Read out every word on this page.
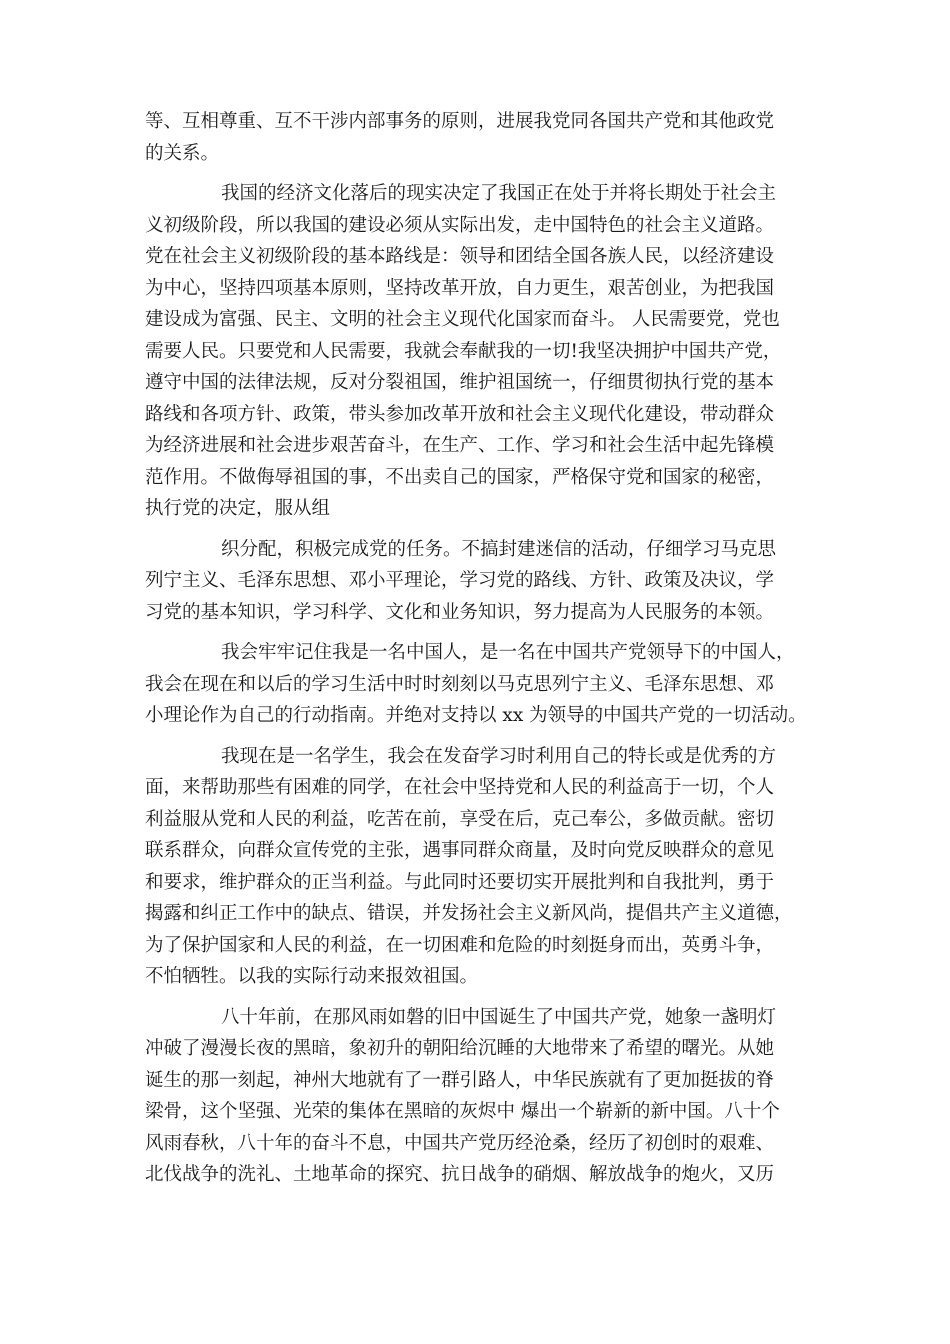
等、互相尊重、互不干涉内部事务的原则，进展我党同各国共产党和其他政党
的关系。
我国的经济文化落后的现实决定了我国正在处于并将长期处于社会主
义初级阶段，所以我国的建设必须从实际出发，走中国特色的社会主义道路。
党在社会主义初级阶段的基本路线是：领导和团结全国各族人民，以经济建设
为中心，坚持四项基本原则，坚持改革开放，自力更生，艰苦创业，为把我国
建设成为富强、民主、文明的社会主义现代化国家而奋斗。 人民需要党，党也
需要人民。只要党和人民需要，我就会奉献我的一切!我坚决拥护中国共产党，
遵守中国的法律法规，反对分裂祖国，维护祖国统一，仔细贯彻执行党的基本
路线和各项方针、政策，带头参加改革开放和社会主义现代化建设，带动群众
为经济进展和社会进步艰苦奋斗，在生产、工作、学习和社会生活中起先锋模
范作用。不做侮辱祖国的事，不出卖自己的国家，严格保守党和国家的秘密，
执行党的决定，服从组
织分配，积极完成党的任务。不搞封建迷信的活动，仔细学习马克思
列宁主义、毛泽东思想、邓小平理论，学习党的路线、方针、政策及决议，学
习党的基本知识，学习科学、文化和业务知识，努力提高为人民服务的本领。
我会牢牢记住我是一名中国人，是一名在中国共产党领导下的中国人，
我会在现在和以后的学习生活中时时刻刻以马克思列宁主义、毛泽东思想、邓
小理论作为自己的行动指南。并绝对支持以 xx 为领导的中国共产党的一切活动。
我现在是一名学生，我会在发奋学习时利用自己的特长或是优秀的方
面，来帮助那些有困难的同学，在社会中坚持党和人民的利益高于一切，个人
利益服从党和人民的利益，吃苦在前，享受在后，克己奉公，多做贡献。密切
联系群众，向群众宣传党的主张，遇事同群众商量，及时向党反映群众的意见
和要求，维护群众的正当利益。与此同时还要切实开展批判和自我批判，勇于
揭露和纠正工作中的缺点、错误，并发扬社会主义新风尚，提倡共产主义道德，
为了保护国家和人民的利益，在一切困难和危险的时刻挺身而出，英勇斗争，
不怕牺牲。以我的实际行动来报效祖国。
八十年前，在那风雨如磐的旧中国诞生了中国共产党，她象一盏明灯
冲破了漫漫长夜的黑暗，象初升的朝阳给沉睡的大地带来了希望的曙光。从她
诞生的那一刻起，神州大地就有了一群引路人，中华民族就有了更加挺拔的脊
梁骨，这个坚强、光荣的集体在黑暗的灰烬中 爆出一个崭新的新中国。八十个
风雨春秋，八十年的奋斗不息，中国共产党历经沧桑，经历了初创时的艰难、
北伐战争的洗礼、土地革命的探究、抗日战争的硝烟、解放战争的炮火，又历
